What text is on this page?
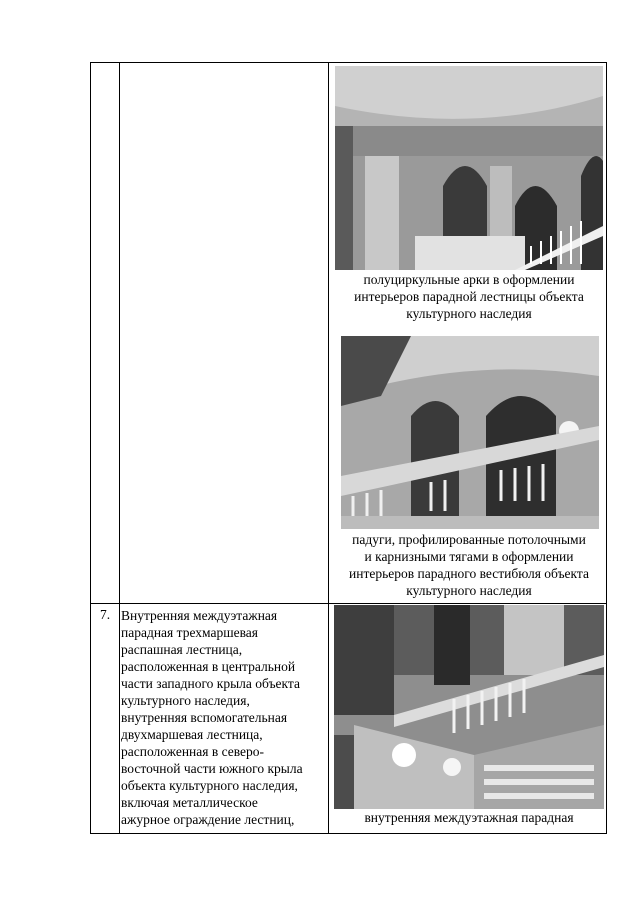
полуциркульные арки в оформлении
интерьеров парадной лестницы объекта
культурного наследия
падуги, профилированные потолочными
и карнизными тягами в оформлении
интерьеров парадного вестибюля объекта
культурного наследия
7. Внутренняя междуэтажная
парадная трехмаршевая
распашная лестница,
расположенная в центральной
части западного крыла объекта
культурного наследия,
внутренняя вспомогательная
двухмаршевая лестница,
расположенная в северо-
восточной части южного крыла
объекта культурного наследия,
включая металлическое
ажурное ограждение лестниц,	внутренняя междуэтажная парадная
